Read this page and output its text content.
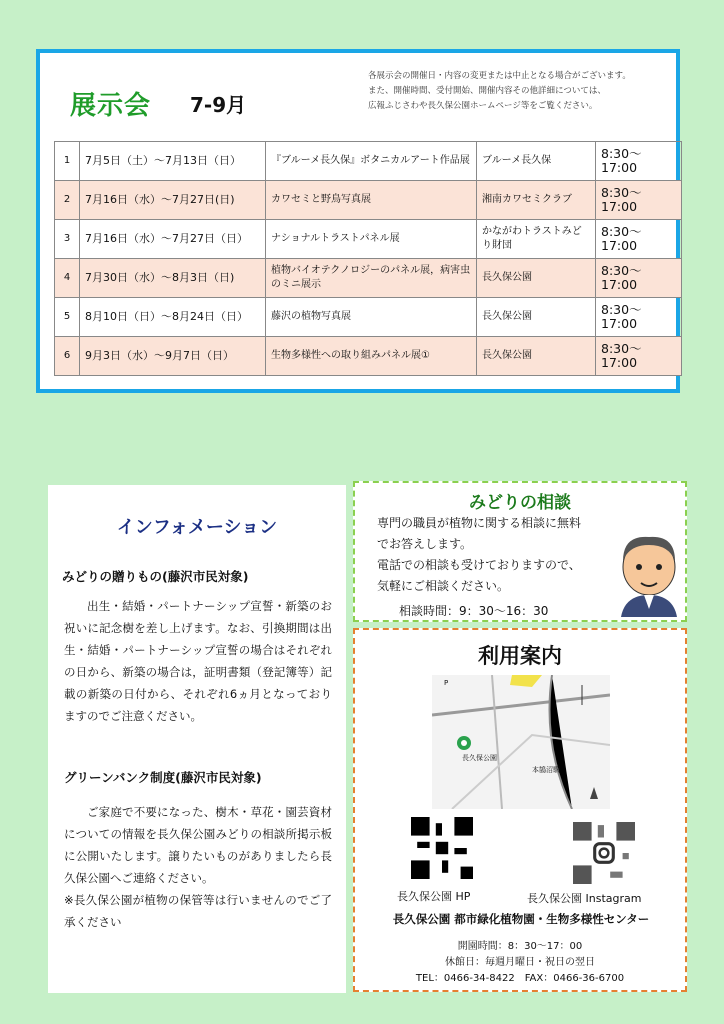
展示会 7-9月
各展示会の開催日・内容の変更または中止となる場合がございます。
また、開催時間、受付開始、開催内容その他詳細については、
広報ふじさわや長久保公園ホームページ等をご覧ください。
1	7月5日（土）～7月13日（日）	『ブルーメ長久保』ボタニカルアート作品展	ブルーメ長久保	8:30～17:00
2	7月16日（水）～7月27日(日)	カワセミと野鳥写真展	湘南カワセミクラブ	8:30～17:00
3	7月16日（水）～7月27日（日）	ナショナルトラストパネル展	かながわトラストみどり財団	8:30～17:00
4	7月30日（水）～8月3日（日)	植物バイオテクノロジーのパネル展，病害虫のミニ展示	長久保公園	8:30～17:00
5	8月10日（日）～8月24日（日）	藤沢の植物写真展	長久保公園	8:30～17:00
6	9月3日（水）～9月7日（日）	生物多様性への取り組みパネル展①	長久保公園	8:30～17:00
インフォメーション
みどりの贈りもの(藤沢市民対象)
出生・結婚・パートナーシップ宣誓・新築のお祝いに記念樹を差し上げます。なお、引換期間は出生・結婚・パートナーシップ宣誓の場合はそれぞれの日から、新築の場合は，証明書類（登記簿等）記載の新築の日付から、それぞれ6ヵ月となっておりますのでご注意ください。
グリーンバンク制度(藤沢市民対象)
ご家庭で不要になった、樹木・草花・園芸資材についての情報を長久保公園みどりの相談所掲示板に公開いたします。譲りたいものがありましたら長久保公園へご連絡ください。
※長久保公園が植物の保管等は行いませんのでご了承ください
みどりの相談
専門の職員が植物に関する相談に無料
でお答えします。
電話での相談も受けておりますので、
気軽にご相談ください。
相談時間：9：30～16：30
利用案内
長久保公園
本鵠沼駅
P
長久保公園 HP	長久保公園 Instagram
長久保公園 都市緑化植物園・生物多様性センター
開園時間：8：30～17：00
休館日：毎週月曜日・祝日の翌日
TEL：0466-34-8422　FAX：0466-36-6700
